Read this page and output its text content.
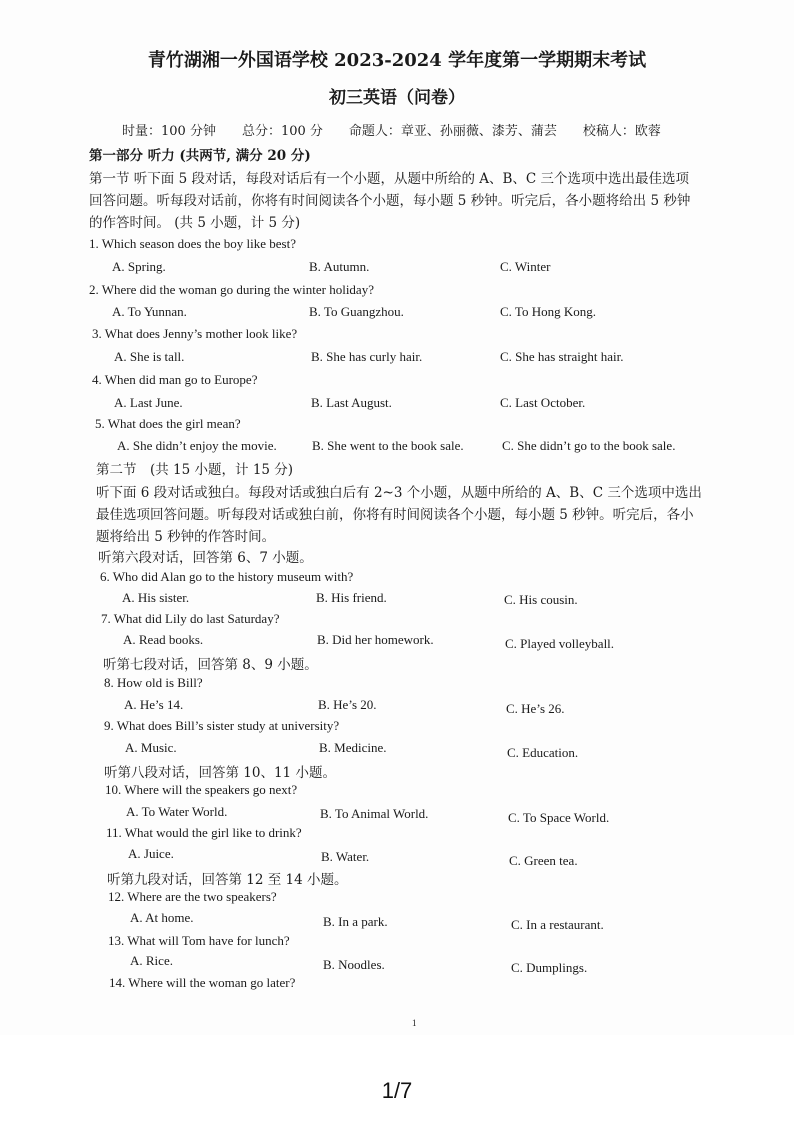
青竹湖湘一外国语学校 2023-2024 学年度第一学期期末考试
初三英语（问卷）
时量：100 分钟　　总分：100 分　　命题人：章亚、孙丽薇、漆芳、蒲芸　　校稿人：欧蓉
第一部分 听力 (共两节, 满分 20 分)
第一节 听下面 5 段对话，每段对话后有一个小题，从题中所给的 A、B、C 三个选项中选出最佳选项
回答问题。听每段对话前，你将有时间阅读各个小题，每小题 5 秒钟。听完后，各小题将给出 5 秒钟
的作答时间。 (共 5 小题，计 5 分)
1. Which season does the boy like best?
A. Spring.	B. Autumn.	C. Winter
2. Where did the woman go during the winter holiday?
A. To Yunnan.	B. To Guangzhou.	C. To Hong Kong.
3. What does Jenny’s mother look like?
A. She is tall.	B. She has curly hair.	C. She has straight hair.
4. When did man go to Europe?
A. Last June.	B. Last August.	C. Last October.
5. What does the girl mean?
A. She didn’t enjoy the movie.	B. She went to the book sale.	C. She didn’t go to the book sale.
第二节　(共 15 小题，计 15 分)
听下面 6 段对话或独白。每段对话或独白后有 2~3 个小题，从题中所给的 A、B、C 三个选项中选出
最佳选项回答问题。听每段对话或独白前，你将有时间阅读各个小题，每小题 5 秒钟。听完后，各小
题将给出 5 秒钟的作答时间。
听第六段对话，回答第 6、7 小题。
6. Who did Alan go to the history museum with?
A. His sister.	B. His friend.	C. His cousin.
7. What did Lily do last Saturday?
A. Read books.	B. Did her homework.	C. Played volleyball.
听第七段对话，回答第 8、9 小题。
8. How old is Bill?
A. He’s 14.	B. He’s 20.	C. He’s 26.
9. What does Bill’s sister study at university?
A. Music.	B. Medicine.	C. Education.
听第八段对话，回答第 10、11 小题。
10. Where will the speakers go next?
A. To Water World.	B. To Animal World.	C. To Space World.
11. What would the girl like to drink?
A. Juice.	B. Water.	C. Green tea.
听第九段对话，回答第 12 至 14 小题。
12. Where are the two speakers?
A. At home.	B. In a park.	C. In a restaurant.
13. What will Tom have for lunch?
A. Rice.	B. Noodles.	C. Dumplings.
14. Where will the woman go later?
1
1/7
